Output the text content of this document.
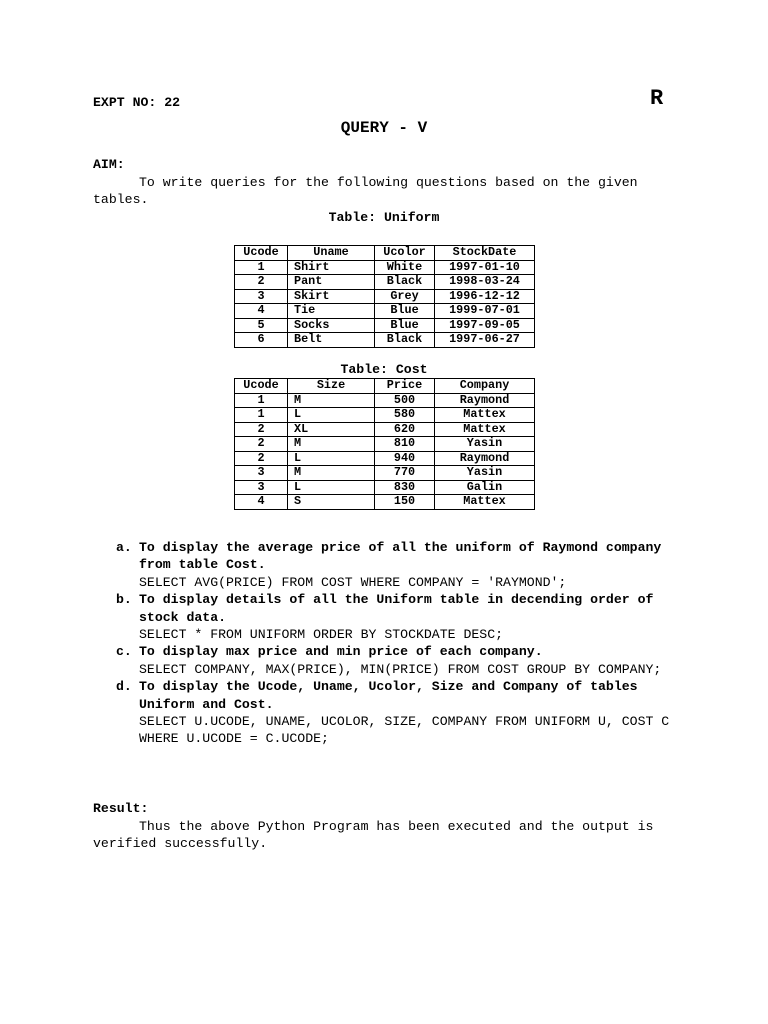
EXPT NO: 22	R
QUERY - V
AIM:
To write queries for the following questions based on the given tables.
Table: Uniform
Ucode	Uname	Ucolor	StockDate
1	Shirt	White	1997-01-10
2	Pant	Black	1998-03-24
3	Skirt	Grey	1996-12-12
4	Tie	Blue	1999-07-01
5	Socks	Blue	1997-09-05
6	Belt	Black	1997-06-27
Table: Cost
Ucode	Size	Price	Company
1	M	500	Raymond
1	L	580	Mattex
2	XL	620	Mattex
2	M	810	Yasin
2	L	940	Raymond
3	M	770	Yasin
3	L	830	Galin
4	S	150	Mattex
a. To display the average price of all the uniform of Raymond company from table Cost.
SELECT AVG(PRICE) FROM COST WHERE COMPANY = 'RAYMOND';
b. To display details of all the Uniform table in decending order of stock data.
SELECT * FROM UNIFORM ORDER BY STOCKDATE DESC;
c. To display max price and min price of each company.
SELECT COMPANY, MAX(PRICE), MIN(PRICE) FROM COST GROUP BY COMPANY;
d. To display the Ucode, Uname, Ucolor, Size and Company of tables Uniform and Cost.
SELECT U.UCODE, UNAME, UCOLOR, SIZE, COMPANY FROM UNIFORM U, COST C WHERE U.UCODE = C.UCODE;
Result:
Thus the above Python Program has been executed and the output is verified successfully.
